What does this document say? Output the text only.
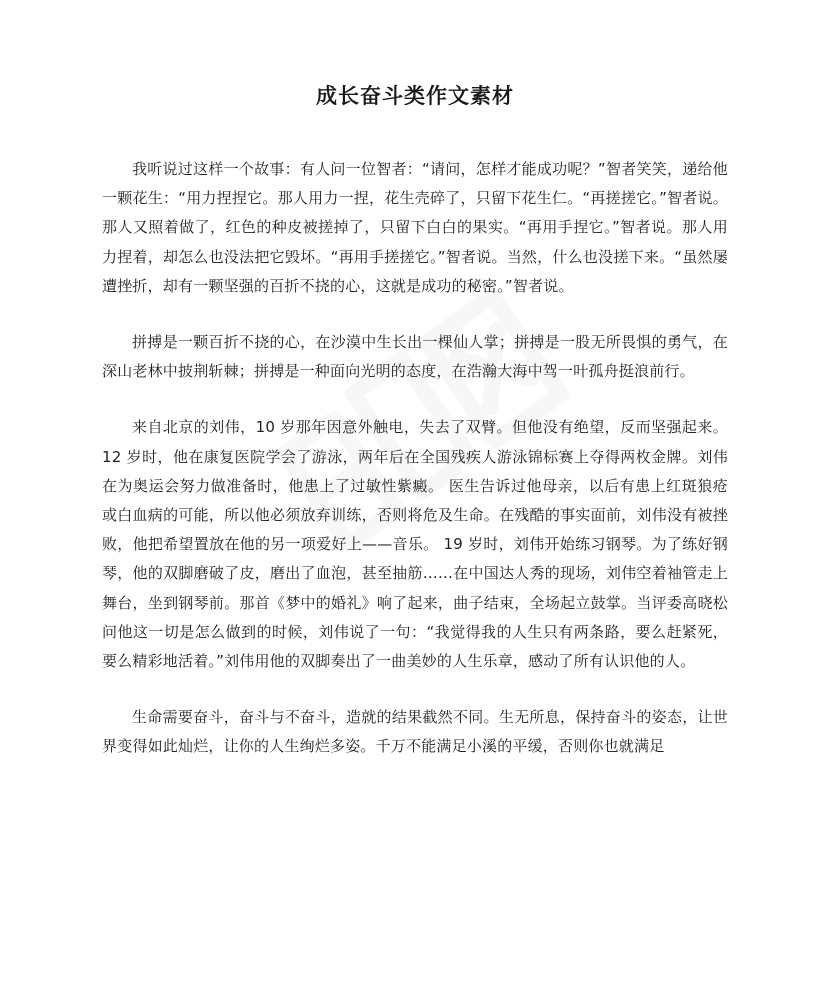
成长奋斗类作文素材

我听说过这样一个故事：有人问一位智者：“请问，怎样才能成功呢？”智者笑笑，递给他一颗花生：“用力捏捏它。那人用力一捏，花生壳碎了，只留下花生仁。“再搓搓它。”智者说。那人又照着做了，红色的种皮被搓掉了，只留下白白的果实。“再用手捏它。”智者说。那人用力捏着，却怎么也没法把它毁坏。“再用手搓搓它。”智者说。当然，什么也没搓下来。“虽然屡遭挫折，却有一颗坚强的百折不挠的心，这就是成功的秘密。”智者说。

拼搏是一颗百折不挠的心，在沙漠中生长出一棵仙人掌；拼搏是一股无所畏惧的勇气，在深山老林中披荆斩棘；拼搏是一种面向光明的态度，在浩瀚大海中驾一叶孤舟挺浪前行。

来自北京的刘伟，10 岁那年因意外触电，失去了双臂。但他没有绝望，反而坚强起来。12 岁时，他在康复医院学会了游泳，两年后在全国残疾人游泳锦标赛上夺得两枚金牌。刘伟在为奥运会努力做准备时，他患上了过敏性紫癜。 医生告诉过他母亲，以后有患上红斑狼疮或白血病的可能，所以他必须放弃训练，否则将危及生命。在残酷的事实面前，刘伟没有被挫败，他把希望置放在他的另一项爱好上——音乐。 19 岁时，刘伟开始练习钢琴。为了练好钢琴，他的双脚磨破了皮，磨出了血泡，甚至抽筋……在中国达人秀的现场，刘伟空着袖管走上舞台，坐到钢琴前。那首《梦中的婚礼》响了起来，曲子结束，全场起立鼓掌。当评委高晓松问他这一切是怎么做到的时候，刘伟说了一句：“我觉得我的人生只有两条路，要么赶紧死，要么精彩地活着。”刘伟用他的双脚奏出了一曲美妙的人生乐章，感动了所有认识他的人。

生命需要奋斗，奋斗与不奋斗，造就的结果截然不同。生无所息，保持奋斗的姿态，让世界变得如此灿烂，让你的人生绚烂多姿。千万不能满足小溪的平缓，否则你也就满足
